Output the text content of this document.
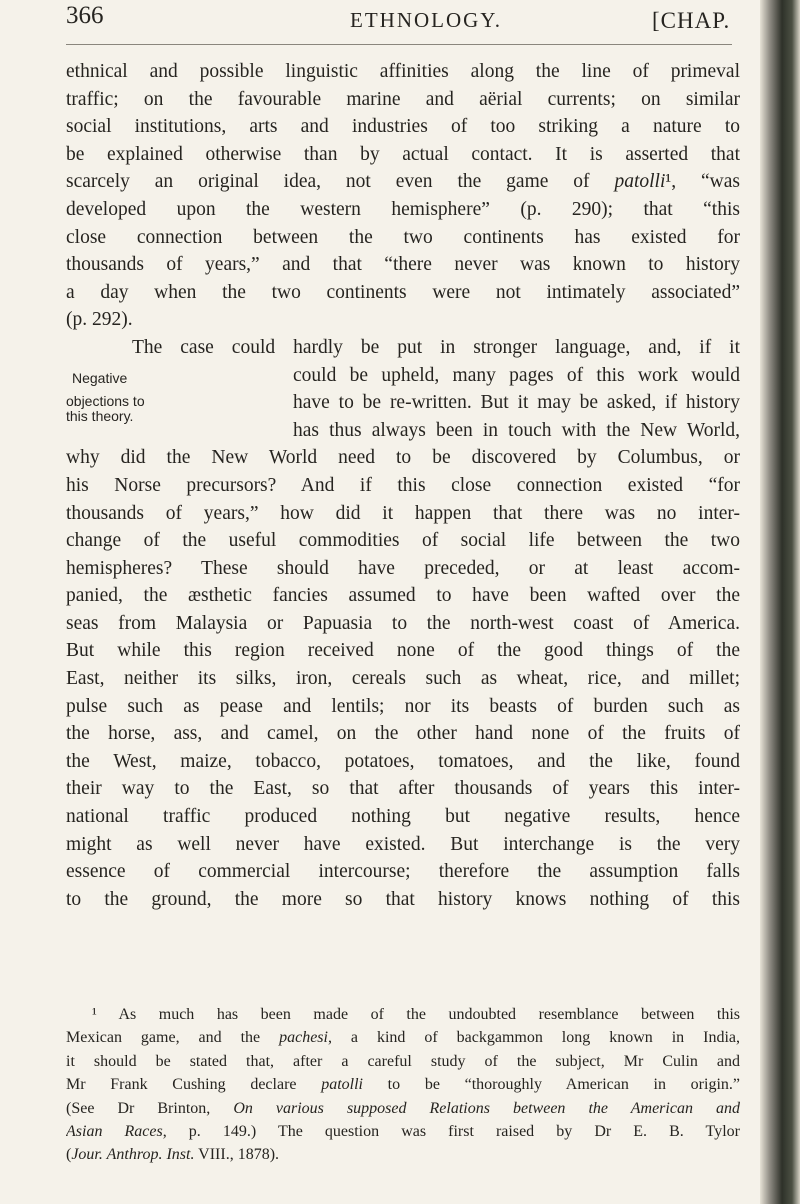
366	ETHNOLOGY.	[CHAP.
ethnical and possible linguistic affinities along the line of primeval
traffic; on the favourable marine and aërial currents; on similar
social institutions, arts and industries of too striking a nature to
be explained otherwise than by actual contact. It is asserted that
scarcely an original idea, not even the game of patolli¹, “was
developed upon the western hemisphere” (p. 290); that “this
close connection between the two continents has existed for
thousands of years,” and that “there never was known to history
a day when the two continents were not intimately associated”
(p. 292).
The case could hardly be put in stronger language, and, if it
could be upheld, many pages of this work would
have to be re-written. But it may be asked, if history
has thus always been in touch with the New World,
why did the New World need to be discovered by Columbus, or
his Norse precursors? And if this close connection existed “for
thousands of years,” how did it happen that there was no inter-
change of the useful commodities of social life between the two
hemispheres? These should have preceded, or at least accom-
panied, the æsthetic fancies assumed to have been wafted over the
seas from Malaysia or Papuasia to the north-west coast of America.
But while this region received none of the good things of the
East, neither its silks, iron, cereals such as wheat, rice, and millet;
pulse such as pease and lentils; nor its beasts of burden such as
the horse, ass, and camel, on the other hand none of the fruits of
the West, maize, tobacco, potatoes, tomatoes, and the like, found
their way to the East, so that after thousands of years this inter-
national traffic produced nothing but negative results, hence
might as well never have existed. But interchange is the very
essence of commercial intercourse; therefore the assumption falls
to the ground, the more so that history knows nothing of this
Negative
objections to
this theory.
¹ As much has been made of the undoubted resemblance between this
Mexican game, and the pachesi, a kind of backgammon long known in India,
it should be stated that, after a careful study of the subject, Mr Culin and
Mr Frank Cushing declare patolli to be “thoroughly American in origin.”
(See Dr Brinton, On various supposed Relations between the American and
Asian Races, p. 149.) The question was first raised by Dr E. B. Tylor
(Jour. Anthrop. Inst. VIII., 1878).
